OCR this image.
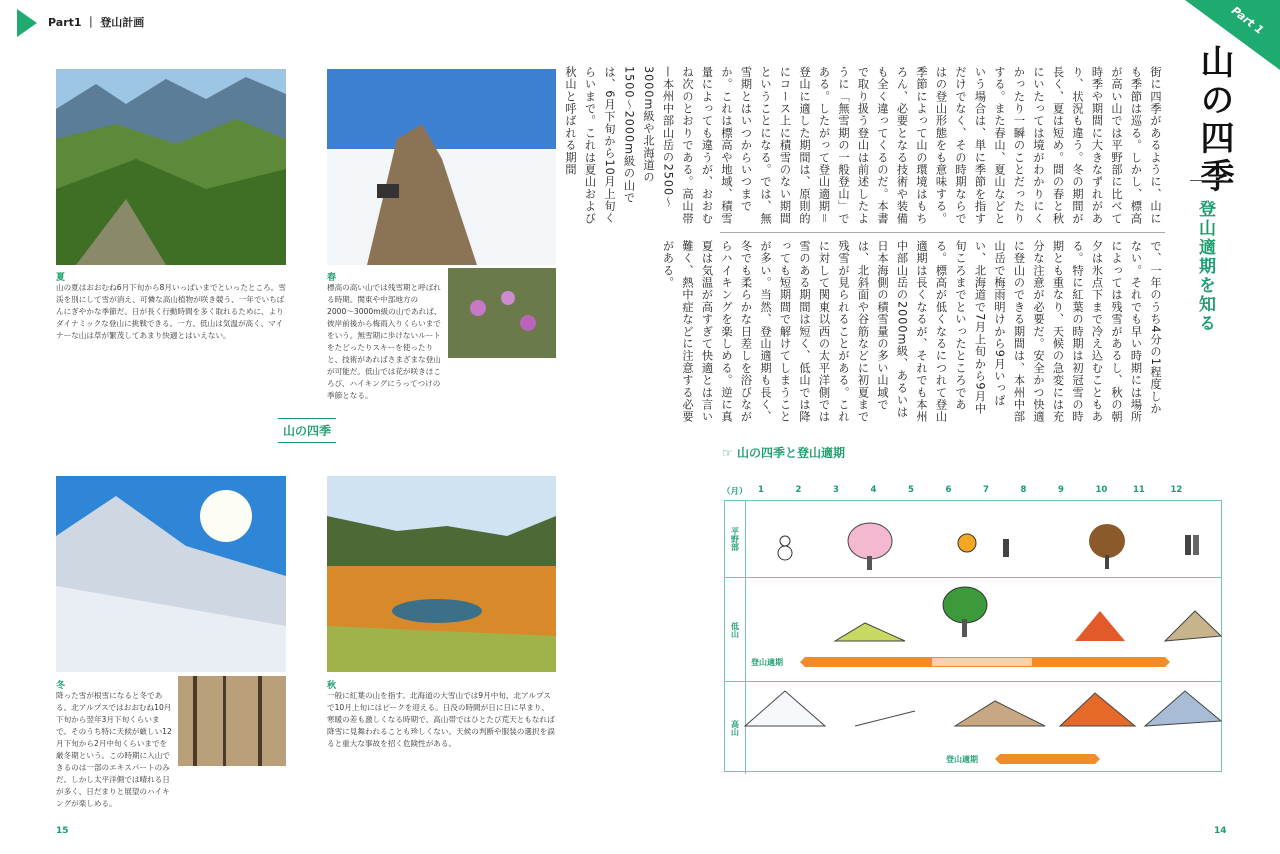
Part1 ｜ 登山計画
夏
山の夏はおおむね6月下旬から8月いっぱいまでといったところ。雪渓を別にして雪が消え、可憐な高山植物が咲き競う、一年でいちばんにぎやかな季節だ。日が長く行動時間を多く取れるために、よりダイナミックな登山に挑戦できる。一方、低山は気温が高く、マイナーな山は草が繁茂してあまり快適とはいえない。
春
標高の高い山では残雪期と呼ばれる時期。関東や中部地方の2000〜3000m級の山であれば、彼岸前後から梅雨入りくらいまでをいう。無雪期に歩けないルートをたどったりスキーを使ったりと、技術があればさまざまな登山が可能だ。低山では花が咲きほころび、ハイキングにうってつけの季節となる。
山の四季
冬
降った雪が根雪になると冬である。北アルプスではおおむね10月下旬から翌年3月下旬くらいまで。そのうち特に天候が厳しい12月下旬から2月中旬くらいまでを厳冬期という。この時期に入山できるのは一部のエキスパートのみだ。しかし太平洋側では晴れる日が多く、日だまりと展望のハイキングが楽しめる。
秋
一般に紅葉の山を指す。北海道の大雪山では9月中旬、北アルプスで10月上旬にはピークを迎える。日没の時間が日に日に早まり、寒暖の差も激しくなる時期で、高山帯ではひとたび荒天ともなれば降雪に見舞われることも珍しくない。天候の判断や服装の選択を誤ると重大な事故を招く危険性がある。
15
Part 1
山の四季
登山適期を知る
街に四季があるように、山にも季節は巡る。しかし、標高が高い山では平野部に比べて時季や期間に大きなずれがあり、状況も違う。冬の期間が長く、夏は短め。間の春と秋にいたっては境がわかりにくかったり一瞬のことだったりする。また春山、夏山などという場合は、単に季節を指すだけでなく、その時期ならではの登山形態をも意味する。季節によって山の環境はもちろん、必要となる技術や装備も全く違ってくるのだ。本書で取り扱う登山は前述したように「無雪期の一般登山」である。したがって登山適期＝登山に適した期間は、原則的にコース上に積雪のない期間ということになる。では、無雪期とはいつからいつまでか。これは標高や地域、積雪量によっても違うが、おおむね次のとおりである。高山帯—本州中部山岳の2500〜3000m級や北海道の1500〜2000m級の山では、6月下旬から10月上旬くらいまで。これは夏山および秋山と呼ばれる期間
で、一年のうち4分の1程度しかない。それでも早い時期には場所によっては残雪があるし、秋の朝夕は氷点下まで冷え込むこともある。特に紅葉の時期は初冠雪の時期とも重なり、天候の急変には充分な注意が必要だ。安全かつ快適に登山のできる期間は、本州中部山岳で梅雨明けから9月いっぱい、北海道で7月上旬から9月中旬ころまでといったところである。標高が低くなるにつれて登山適期は長くなるが、それでも本州中部山岳の2000m級、あるいは日本海側の積雪量の多い山域では、北斜面や谷筋などに初夏まで残雪が見られることがある。これに対して関東以西の太平洋側では雪のある期間は短く、低山では降っても短期間で解けてしまうことが多い。当然、登山適期も長く、冬でも柔らかな日差しを浴びながらハイキングを楽しめる。逆に真夏は気温が高すぎて快適とは言い難く、熱中症などに注意する必要がある。
☞ 山の四季と登山適期
（月） 1	2	3	4	5	6	7	8	9	10	11	12
平野部
低山
高山
登山適期
登山適期
14
